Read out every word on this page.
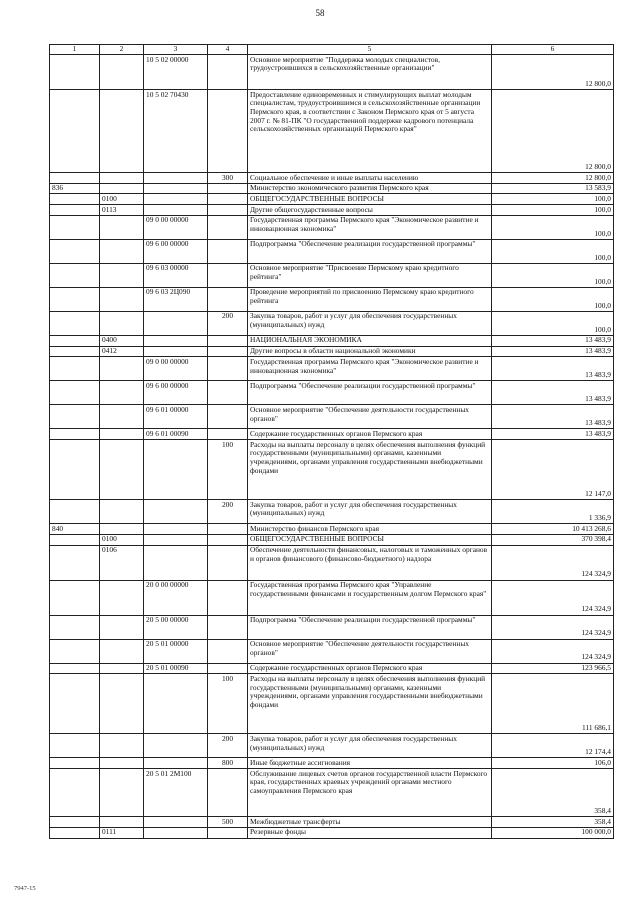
58
1	2	3	4	5	6
		10 5 02 00000		Основное мероприятие "Поддержка молодых специалистов, трудоустроившихся в сельскохозяйственные организации"	12 800,0
		10 5 02 70430		Предоставление единовременных и стимулирующих выплат молодым специалистам, трудоустроившимся в сельскохозяйственные организации Пермского края, в соответствии с Законом Пермского края от 5 августа 2007 г. № 81-ПК "О государственной поддержке кадрового потенциала сельскохозяйственных организаций Пермского края"	12 800,0
			300	Социальное обеспечение и иные выплаты населению	12 800,0
836				Министерство экономического развития Пермского края	13 583,9
	0100			ОБЩЕГОСУДАРСТВЕННЫЕ ВОПРОСЫ	100,0
	0113			Другие общегосударственные вопросы	100,0
		09 0 00 00000		Государственная программа Пермского края "Экономическое развитие и инновационная экономика"	100,0
		09 6 00 00000		Подпрограмма "Обеспечение реализации государственной программы"	100,0
		09 6 03 00000		Основное мероприятие "Присвоение Пермскому краю кредитного рейтинга"	100,0
		09 6 03 2Ц090		Проведение мероприятий по присвоению Пермскому краю кредитного рейтинга	100,0
			200	Закупка товаров, работ и услуг для обеспечения государственных (муниципальных) нужд	100,0
	0400			НАЦИОНАЛЬНАЯ ЭКОНОМИКА	13 483,9
	0412			Другие вопросы в области национальной экономики	13 483,9
		09 0 00 00000		Государственная программа Пермского края "Экономическое развитие и инновационная экономика"	13 483,9
		09 6 00 00000		Подпрограмма "Обеспечение реализации государственной программы"	13 483,9
		09 6 01 00000		Основное мероприятие "Обеспечение деятельности государственных органов"	13 483,9
		09 6 01 00090		Содержание государственных органов Пермского края	13 483,9
			100	Расходы на выплаты персоналу в целях обеспечения выполнения функций государственными (муниципальными) органами, казенными учреждениями, органами управления государственными внебюджетными фондами	12 147,0
			200	Закупка товаров, работ и услуг для обеспечения государственных (муниципальных) нужд	1 336,9
840				Министерство финансов Пермского края	10 413 268,6
	0100			ОБЩЕГОСУДАРСТВЕННЫЕ ВОПРОСЫ	370 398,4
	0106			Обеспечение деятельности финансовых, налоговых и таможенных органов и органов финансового (финансово-бюджетного) надзора	124 324,9
		20 0 00 00000		Государственная программа Пермского края "Управление государственными финансами и государственным долгом Пермского края"	124 324,9
		20 5 00 00000		Подпрограмма "Обеспечение реализации государственной программы"	124 324,9
		20 5 01 00000		Основное мероприятие "Обеспечение деятельности государственных органов"	124 324,9
		20 5 01 00090		Содержание государственных органов Пермского края	123 966,5
			100	Расходы на выплаты персоналу в целях обеспечения выполнения функций государственными (муниципальными) органами, казенными учреждениями, органами управления государственными внебюджетными фондами	111 686,1
			200	Закупка товаров, работ и услуг для обеспечения государственных (муниципальных) нужд	12 174,4
			800	Иные бюджетные ассигнования	106,0
		20 5 01 2М100		Обслуживание лицевых счетов органов государственной власти Пермского края, государственных краевых учреждений органами местного самоуправления Пермского края	358,4
			500	Межбюджетные трансферты	358,4
	0111			Резервные фонды	100 000,0
7947-15
